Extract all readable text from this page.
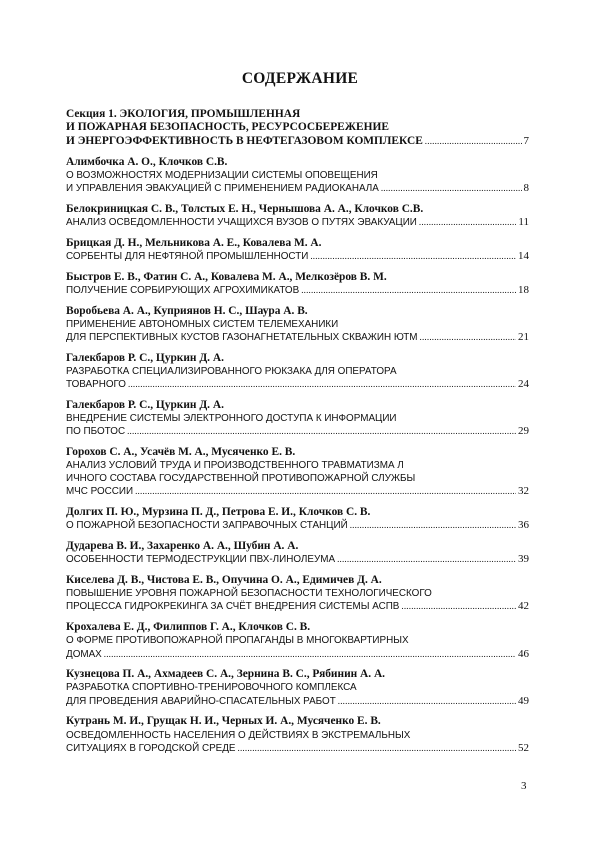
СОДЕРЖАНИЕ
Секция 1. ЭКОЛОГИЯ, ПРОМЫШЛЕННАЯ
И ПОЖАРНАЯ БЕЗОПАСНОСТЬ, РЕСУРСОСБЕРЕЖЕНИЕ
И ЭНЕРГОЭФФЕКТИВНОСТЬ В НЕФТЕГАЗОВОМ КОМПЛЕКСЕ .....	7
Алимбочка А. О., Клочков С.В.
О ВОЗМОЖНОСТЯХ МОДЕРНИЗАЦИИ СИСТЕМЫ ОПОВЕЩЕНИЯ
И УПРАВЛЕНИЯ ЭВАКУАЦИЕЙ С ПРИМЕНЕНИЕМ РАДИОКАНАЛА .....	8
Белокриницкая С. В., Толстых Е. Н., Чернышова А. А., Клочков С.В.
АНАЛИЗ ОСВЕДОМЛЕННОСТИ УЧАЩИХСЯ ВУЗОВ О ПУТЯХ ЭВАКУАЦИИ .....	11
Брицкая Д. Н., Мельникова А. Е., Ковалева М. А.
СОРБЕНТЫ ДЛЯ НЕФТЯНОЙ ПРОМЫШЛЕННОСТИ .....	14
Быстров Е. В., Фатин С. А., Ковалева М. А., Мелкозёров В. М.
ПОЛУЧЕНИЕ СОРБИРУЮЩИХ АГРОХИМИКАТОВ .....	18
Воробьева А. А., Куприянов Н. С., Шаура А. В.
ПРИМЕНЕНИЕ АВТОНОМНЫХ СИСТЕМ ТЕЛЕМЕХАНИКИ
ДЛЯ ПЕРСПЕКТИВНЫХ КУСТОВ ГАЗОНАГНЕТАТЕЛЬНЫХ СКВАЖИН ЮТМ .....	21
Галекбаров Р. С., Цуркин Д. А.
РАЗРАБОТКА СПЕЦИАЛИЗИРОВАННОГО РЮКЗАКА ДЛЯ ОПЕРАТОРА
ТОВАРНОГО .....	24
Галекбаров Р. С., Цуркин Д. А.
ВНЕДРЕНИЕ СИСТЕМЫ ЭЛЕКТРОННОГО ДОСТУПА К ИНФОРМАЦИИ
ПО ПБОТОС .....	29
Горохов С. А., Усачёв М. А., Мусяченко Е. В.
АНАЛИЗ УСЛОВИЙ ТРУДА И ПРОИЗВОДСТВЕННОГО ТРАВМАТИЗМА Л
ИЧНОГО СОСТАВА ГОСУДАРСТВЕННОЙ ПРОТИВОПОЖАРНОЙ СЛУЖБЫ
МЧС РОССИИ .....	32
Долгих П. Ю., Мурзина П. Д., Петрова Е. И., Клочков С. В.
О ПОЖАРНОЙ БЕЗОПАСНОСТИ ЗАПРАВОЧНЫХ СТАНЦИЙ .....	36
Дударева В. И., Захаренко А. А., Шубин А. А.
ОСОБЕННОСТИ ТЕРМОДЕСТРУКЦИИ ПВХ-ЛИНОЛЕУМА .....	39
Киселева Д. В., Чистова Е. В., Опучина О. А., Едимичев Д. А.
ПОВЫШЕНИЕ УРОВНЯ ПОЖАРНОЙ БЕЗОПАСНОСТИ ТЕХНОЛОГИЧЕСКОГО
ПРОЦЕССА ГИДРОКРЕКИНГА ЗА СЧЁТ ВНЕДРЕНИЯ СИСТЕМЫ АСПВ .....	42
Крохалева Е. Д., Филиппов Г. А., Клочков С. В.
О ФОРМЕ ПРОТИВОПОЖАРНОЙ ПРОПАГАНДЫ В МНОГОКВАРТИРНЫХ
ДОМАХ .....	46
Кузнецова П. А., Ахмадеев С. А., Зернина В. С., Рябинин А. А.
РАЗРАБОТКА СПОРТИВНО-ТРЕНИРОВОЧНОГО КОМПЛЕКСА
ДЛЯ ПРОВЕДЕНИЯ АВАРИЙНО-СПАСАТЕЛЬНЫХ РАБОТ .....	49
Кутрань М. И., Грущак Н. И., Черных И. А., Мусяченко Е. В.
ОСВЕДОМЛЕННОСТЬ НАСЕЛЕНИЯ О ДЕЙСТВИЯХ В ЭКСТРЕМАЛЬНЫХ
СИТУАЦИЯХ В ГОРОДСКОЙ СРЕДЕ .....	52
3
